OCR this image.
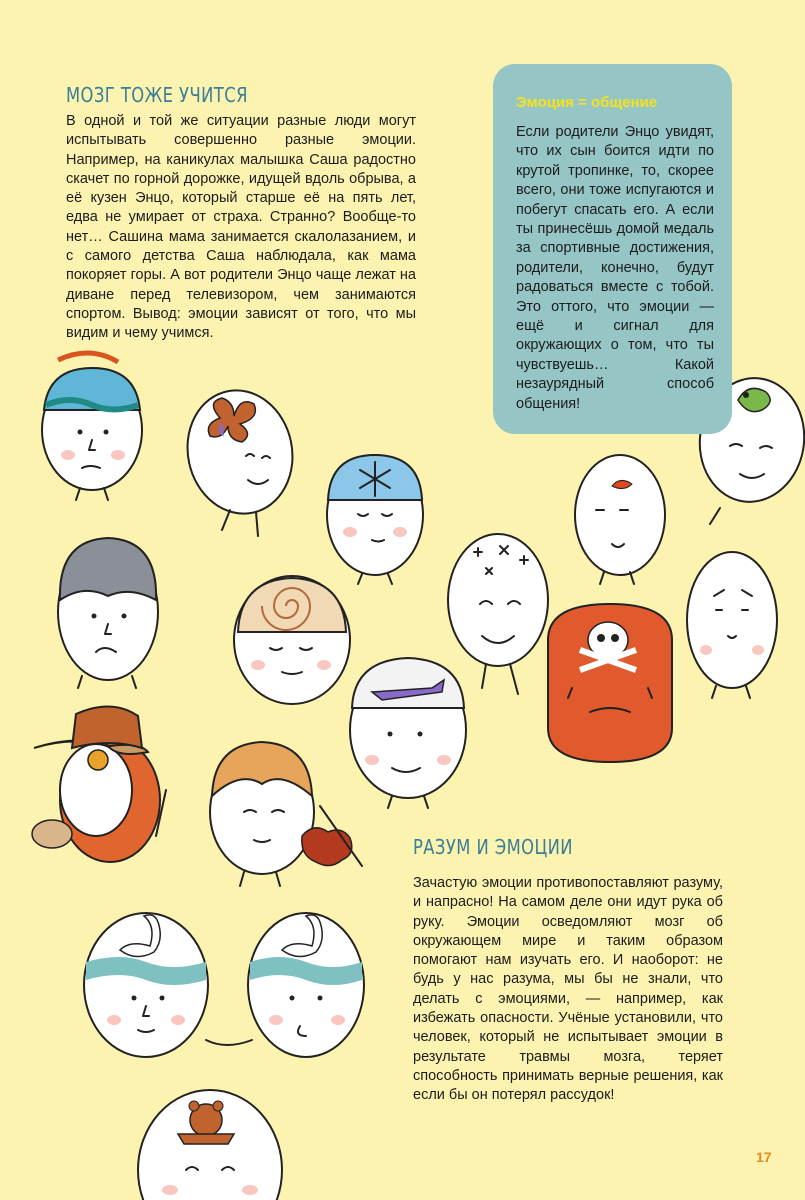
МОЗГ ТОЖЕ УЧИТСЯ

В одной и той же ситуации разные люди могут испытывать совершенно разные эмоции. Например, на каникулах малышка Саша радостно скачет по горной дорожке, идущей вдоль обрыва, а её кузен Энцо, который старше её на пять лет, едва не умирает от страха. Странно? Вообще-то нет… Сашина мама занимается скалолазанием, и с самого детства Саша наблюдала, как мама покоряет горы. А вот родители Энцо чаще лежат на диване перед телевизором, чем занимаются спортом. Вывод: эмоции зависят от того, что мы видим и чему учимся.

Эмоция = общение

Если родители Энцо увидят, что их сын боится идти по крутой тропинке, то, скорее всего, они тоже испугаются и побегут спасать его. А если ты принесёшь домой медаль за спортивные достижения, родители, конечно, будут радоваться вместе с тобой. Это оттого, что эмоции — ещё и сигнал для окружающих о том, что ты чувствуешь… Какой незаурядный способ общения!

РАЗУМ И ЭМОЦИИ

Зачастую эмоции противопоставляют разуму, и напрасно! На самом деле они идут рука об руку. Эмоции осведомляют мозг об окружающем мире и таким образом помогают нам изучать его. И наоборот: не будь у нас разума, мы бы не знали, что делать с эмоциями, — например, как избежать опасности. Учёные установили, что человек, который не испытывает эмоции в результате травмы мозга, теряет способность принимать верные решения, как если бы он потерял рассудок!

17
